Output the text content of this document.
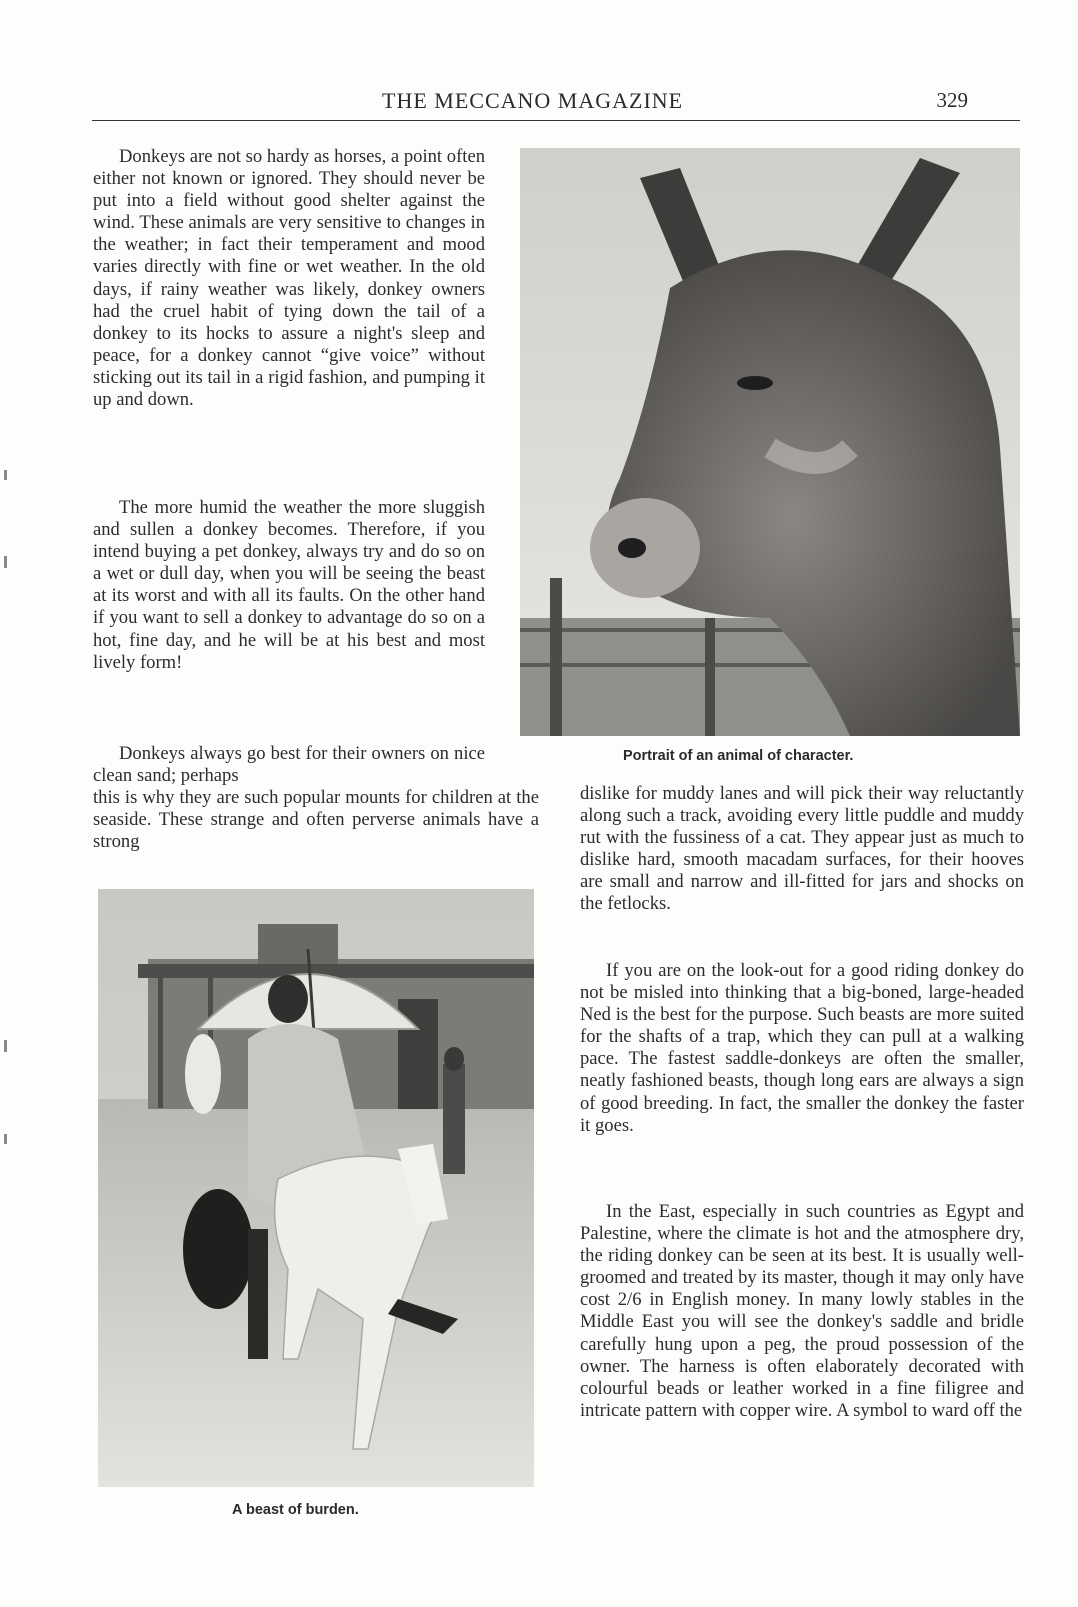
THE MECCANO MAGAZINE	329

Donkeys are not so hardy as horses, a point often either not known or ignored. They should never be put into a field without good shelter against the wind. These animals are very sensitive to changes in the weather; in fact their temperament and mood varies directly with fine or wet weather. In the old days, if rainy weather was likely, donkey owners had the cruel habit of tying down the tail of a donkey to its hocks to assure a night's sleep and peace, for a donkey cannot “give voice” without sticking out its tail in a rigid fashion, and pumping it up and down.

The more humid the weather the more sluggish and sullen a donkey becomes. Therefore, if you intend buying a pet donkey, always try and do so on a wet or dull day, when you will be seeing the beast at its worst and with all its faults. On the other hand if you want to sell a donkey to advantage do so on a hot, fine day, and he will be at his best and most lively form!

Donkeys always go best for their owners on nice clean sand; perhaps

this is why they are such popular mounts for children at the seaside. These strange and often perverse animals have a strong

Portrait of an animal of character.

dislike for muddy lanes and will pick their way reluctantly along such a track, avoiding every little puddle and muddy rut with the fussiness of a cat. They appear just as much to dislike hard, smooth macadam surfaces, for their hooves are small and narrow and ill-fitted for jars and shocks on the fetlocks.

If you are on the look-out for a good riding donkey do not be misled into thinking that a big-boned, large-headed Ned is the best for the purpose. Such beasts are more suited for the shafts of a trap, which they can pull at a walking pace. The fastest saddle-donkeys are often the smaller, neatly fashioned beasts, though long ears are always a sign of good breeding. In fact, the smaller the donkey the faster it goes.

In the East, especially in such countries as Egypt and Palestine, where the climate is hot and the atmosphere dry, the riding donkey can be seen at its best. It is usually well-groomed and treated by its master, though it may only have cost 2/6 in English money. In many lowly stables in the Middle East you will see the donkey's saddle and bridle carefully hung upon a peg, the proud possession of the owner. The harness is often elaborately decorated with colourful beads or leather worked in a fine filigree and intricate pattern with copper wire. A symbol to ward off the

A beast of burden.
